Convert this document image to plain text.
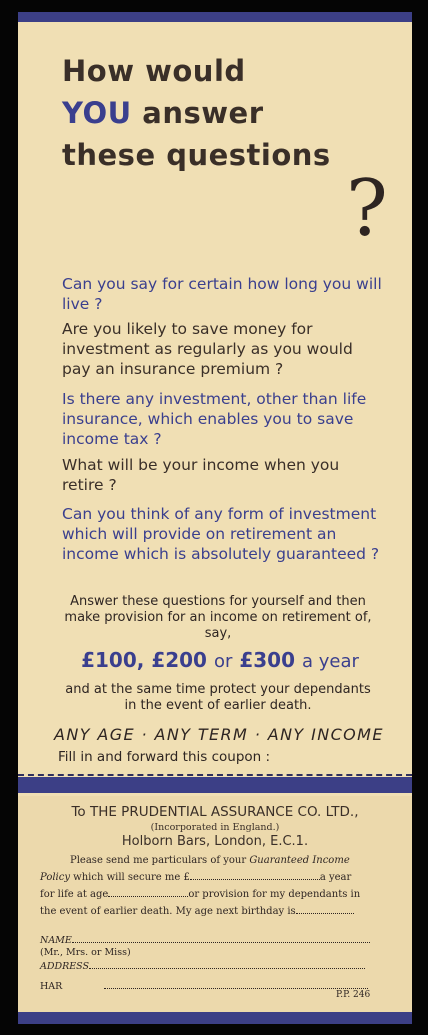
How would
YOU answer
these questions
?

Can you say for certain how long you will live ?

Are you likely to save money for investment as regularly as you would pay an insurance premium ?

Is there any investment, other than life insurance, which enables you to save income tax ?

What will be your income when you retire ?

Can you think of any form of investment which will provide on retirement an income which is absolutely guaranteed ?

Answer these questions for yourself and then make provision for an income on retirement of, say,
£100, £200 or £300 a year
and at the same time protect your dependants in the event of earlier death.
ANY AGE · ANY TERM · ANY INCOME
Fill in and forward this coupon :
To THE PRUDENTIAL ASSURANCE CO. LTD.,
(Incorporated in England.)
Holborn Bars, London, E.C.1.
Please send me particulars of your Guaranteed Income
Policy which will secure me £	a year
for life at age	or provision for my dependants in
the event of earlier death. My age next birthday is
NAME
(Mr., Mrs. or Miss)
ADDRESS
HAR
P.P. 246
